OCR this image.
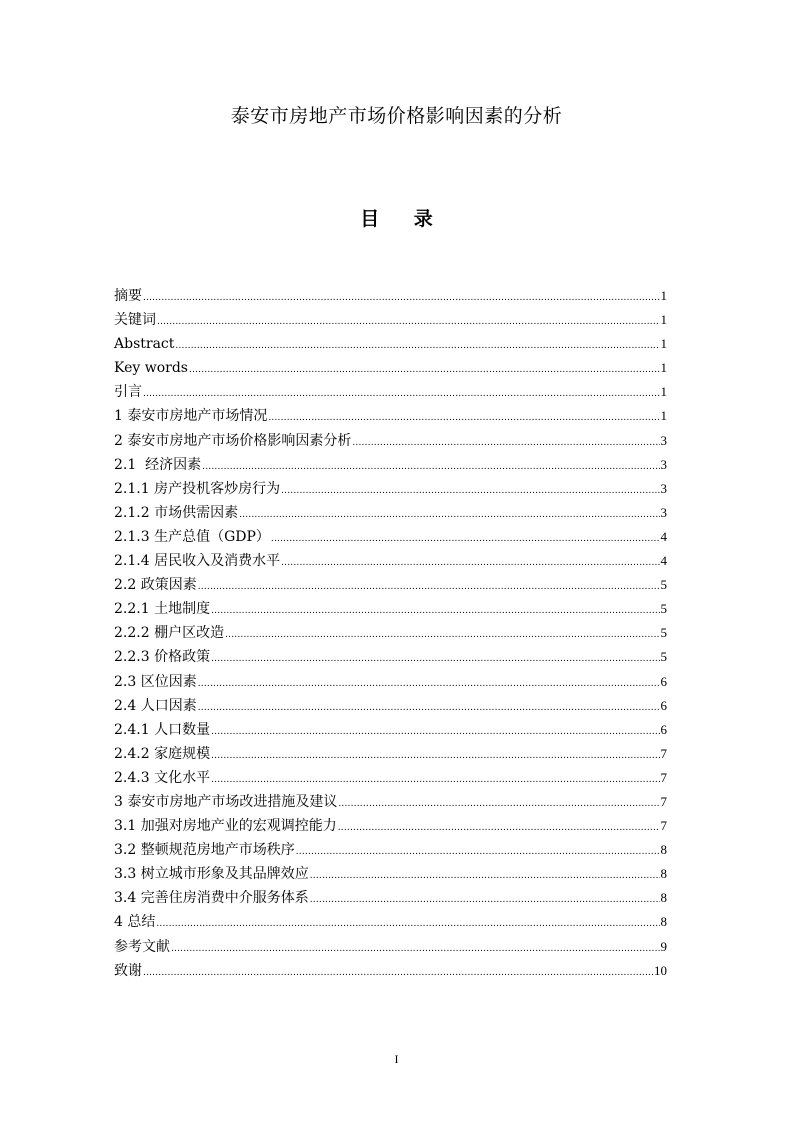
泰安市房地产市场价格影响因素的分析
目 录
摘要 .....	1
关键词 .....	1
Abstract .....	1
Key words .....	1
引言 .....	1
1 泰安市房地产市场情况 .....	1
2 泰安市房地产市场价格影响因素分析 .....	3
2.1  经济因素 .....	3
2.1.1 房产投机客炒房行为 .....	3
2.1.2 市场供需因素 .....	3
2.1.3 生产总值（GDP） .....	4
2.1.4 居民收入及消费水平 .....	4
2.2 政策因素 .....	5
2.2.1 土地制度 .....	5
2.2.2 棚户区改造 .....	5
2.2.3 价格政策 .....	5
2.3 区位因素 .....	6
2.4 人口因素 .....	6
2.4.1 人口数量 .....	6
2.4.2 家庭规模 .....	7
2.4.3 文化水平 .....	7
3 泰安市房地产市场改进措施及建议 .....	7
3.1 加强对房地产业的宏观调控能力 .....	7
3.2 整顿规范房地产市场秩序 .....	8
3.3 树立城市形象及其品牌效应 .....	8
3.4 完善住房消费中介服务体系 .....	8
4 总结 .....	8
参考文献 .....	9
致谢 .....	10
I
